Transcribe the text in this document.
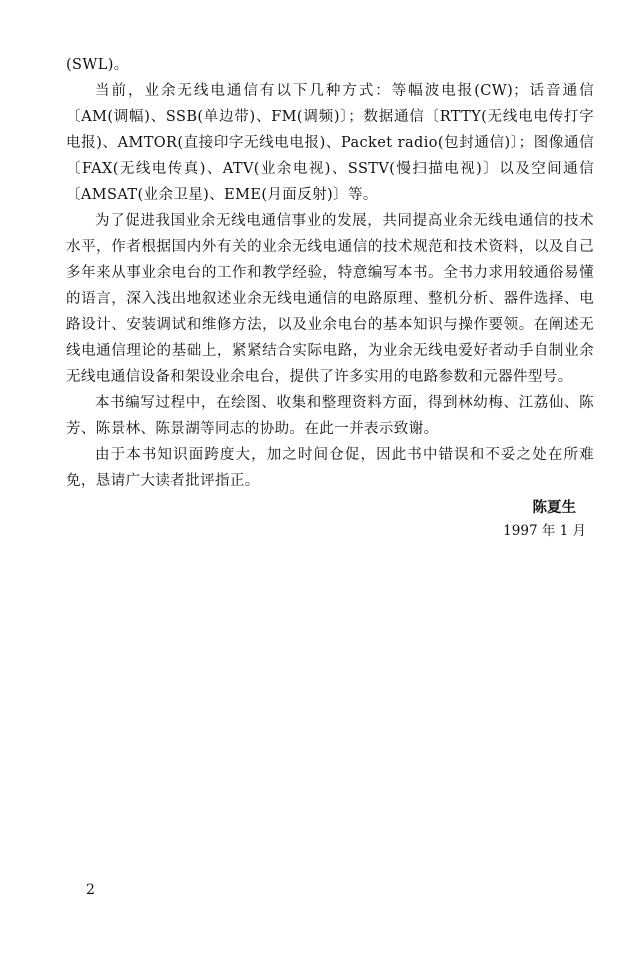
(SWL)。

当前，业余无线电通信有以下几种方式：等幅波电报(CW)；话音通信〔AM(调幅)、SSB(单边带)、FM(调频)〕；数据通信〔RTTY(无线电电传打字电报)、AMTOR(直接印字无线电电报)、Packet radio(包封通信)〕；图像通信〔FAX(无线电传真)、ATV(业余电视)、SSTV(慢扫描电视)〕以及空间通信〔AMSAT(业余卫星)、EME(月面反射)〕等。

为了促进我国业余无线电通信事业的发展，共同提高业余无线电通信的技术水平，作者根据国内外有关的业余无线电通信的技术规范和技术资料，以及自己多年来从事业余电台的工作和教学经验，特意编写本书。全书力求用较通俗易懂的语言，深入浅出地叙述业余无线电通信的电路原理、整机分析、器件选择、电路设计、安装调试和维修方法，以及业余电台的基本知识与操作要领。在阐述无线电通信理论的基础上，紧紧结合实际电路，为业余无线电爱好者动手自制业余无线电通信设备和架设业余电台，提供了许多实用的电路参数和元器件型号。

本书编写过程中，在绘图、收集和整理资料方面，得到林幼梅、江荔仙、陈芳、陈景林、陈景湖等同志的协助。在此一并表示致谢。

由于本书知识面跨度大，加之时间仓促，因此书中错误和不妥之处在所难免，恳请广大读者批评指正。

陈夏生
1997 年 1 月
2
